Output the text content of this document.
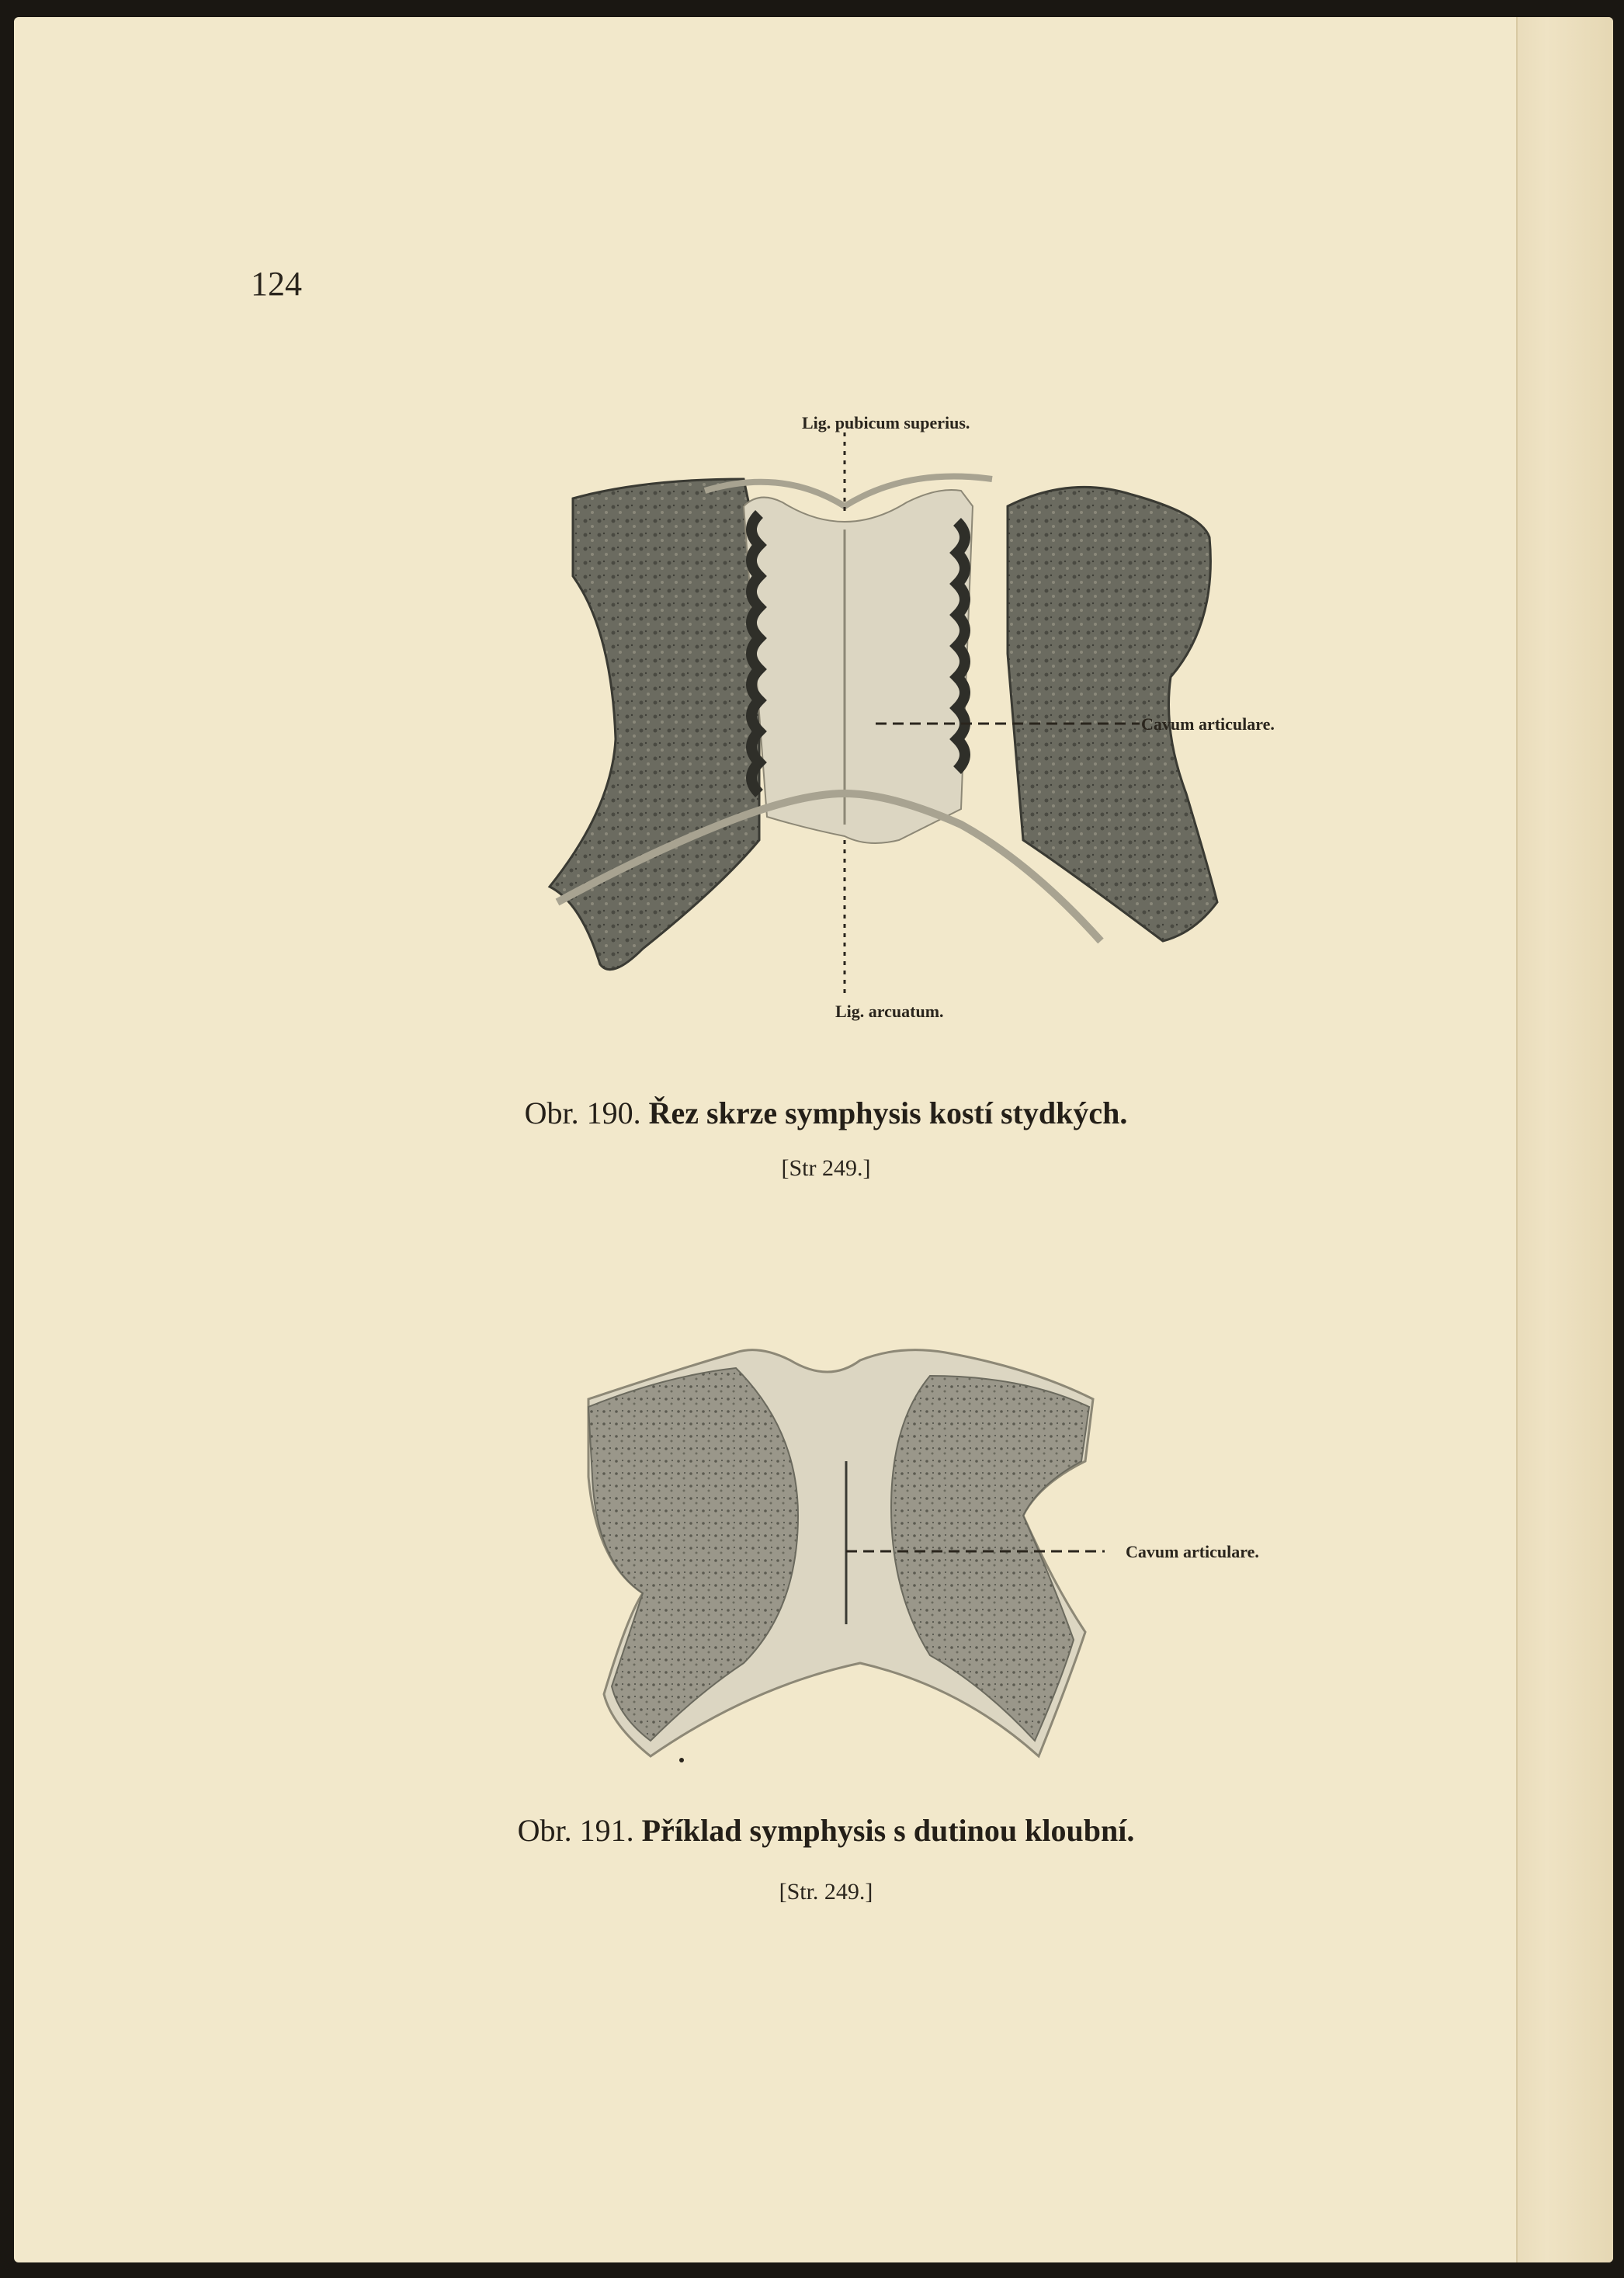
124
Lig. pubicum superius.
Cavum articulare.
Lig. arcuatum.
Obr. 190. Řez skrze symphysis kostí stydkých.
[Str 249.]
Cavum articulare.
Obr. 191. Příklad symphysis s dutinou kloubní.
[Str. 249.]
